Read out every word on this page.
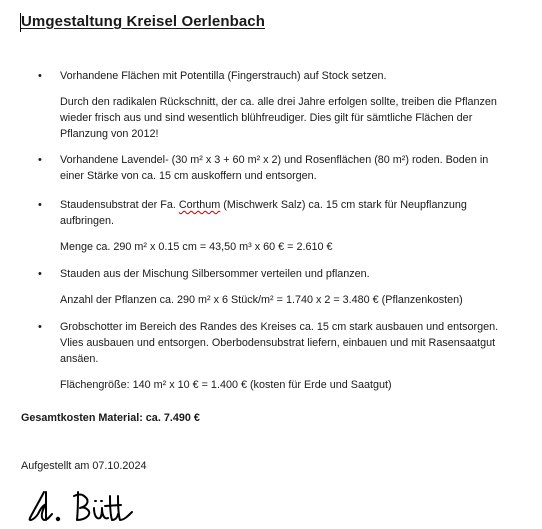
Umgestaltung Kreisel Oerlenbach
• Vorhandene Flächen mit Potentilla (Fingerstrauch) auf Stock setzen.

Durch den radikalen Rückschnitt, der ca. alle drei Jahre erfolgen sollte, treiben die Pflanzen wieder frisch aus und sind wesentlich blühfreudiger. Dies gilt für sämtliche Flächen der Pflanzung von 2012!

• Vorhandene Lavendel- (30 m² x 3 + 60 m² x 2) und Rosenflächen (80 m²) roden. Boden in einer Stärke von ca. 15 cm auskoffern und entsorgen.

• Staudensubstrat der Fa. Corthum (Mischwerk Salz) ca. 15 cm stark für Neupflanzung aufbringen.

Menge ca. 290 m² x 0.15 cm = 43,50 m³ x 60 € = 2.610 €

• Stauden aus der Mischung Silbersommer verteilen und pflanzen.

Anzahl der Pflanzen ca. 290 m² x 6 Stück/m² = 1.740 x 2 = 3.480 € (Pflanzenkosten)

• Grobschotter im Bereich des Randes des Kreises ca. 15 cm stark ausbauen und entsorgen. Vlies ausbauen und entsorgen. Oberbodensubstrat liefern, einbauen und mit Rasensaatgut ansäen.

Flächengröße: 140 m² x 10 € = 1.400 € (kosten für Erde und Saatgut)

Gesamtkosten Material: ca. 7.490 €

Aufgestellt am 07.10.2024
